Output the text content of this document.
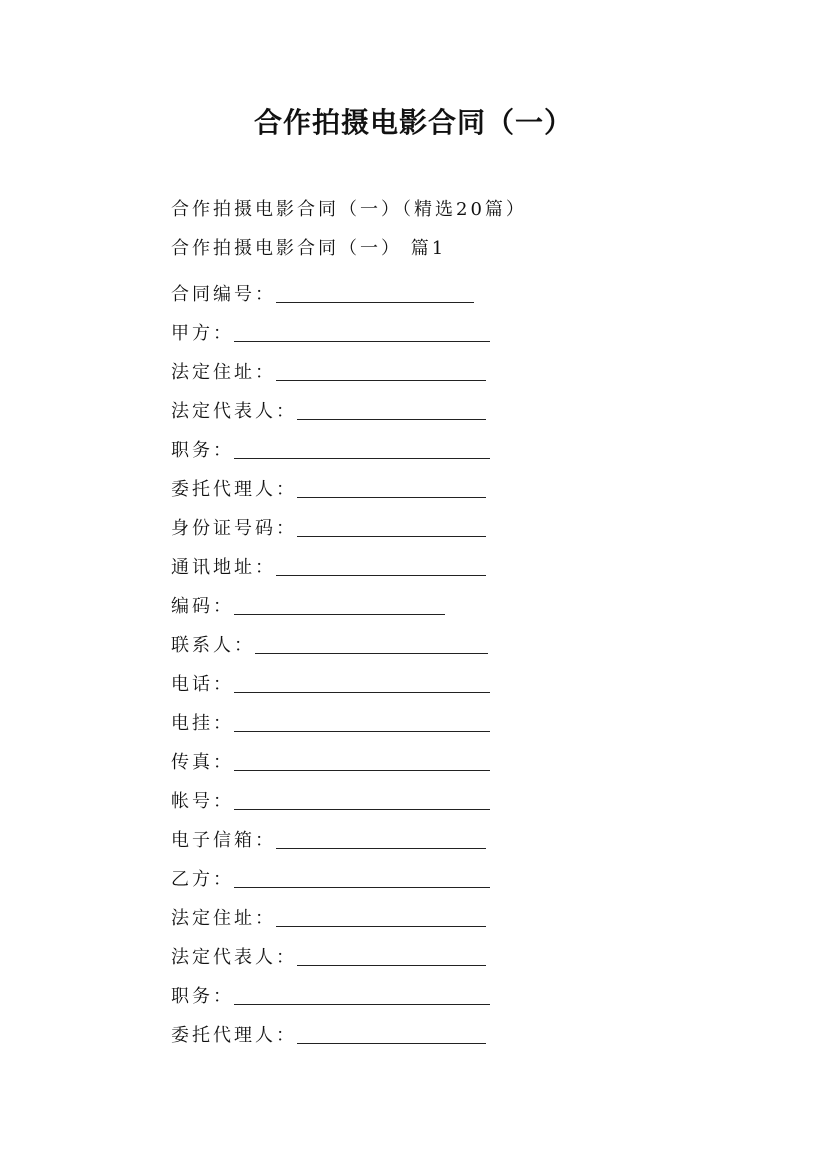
合作拍摄电影合同（一）
合作拍摄电影合同（一）（精选20篇）
合作拍摄电影合同（一） 篇1
合同编号：
甲方：
法定住址：
法定代表人：
职务：
委托代理人：
身份证号码：
通讯地址：
编码：
联系人：
电话：
电挂：
传真：
帐号：
电子信箱：
乙方：
法定住址：
法定代表人：
职务：
委托代理人：
